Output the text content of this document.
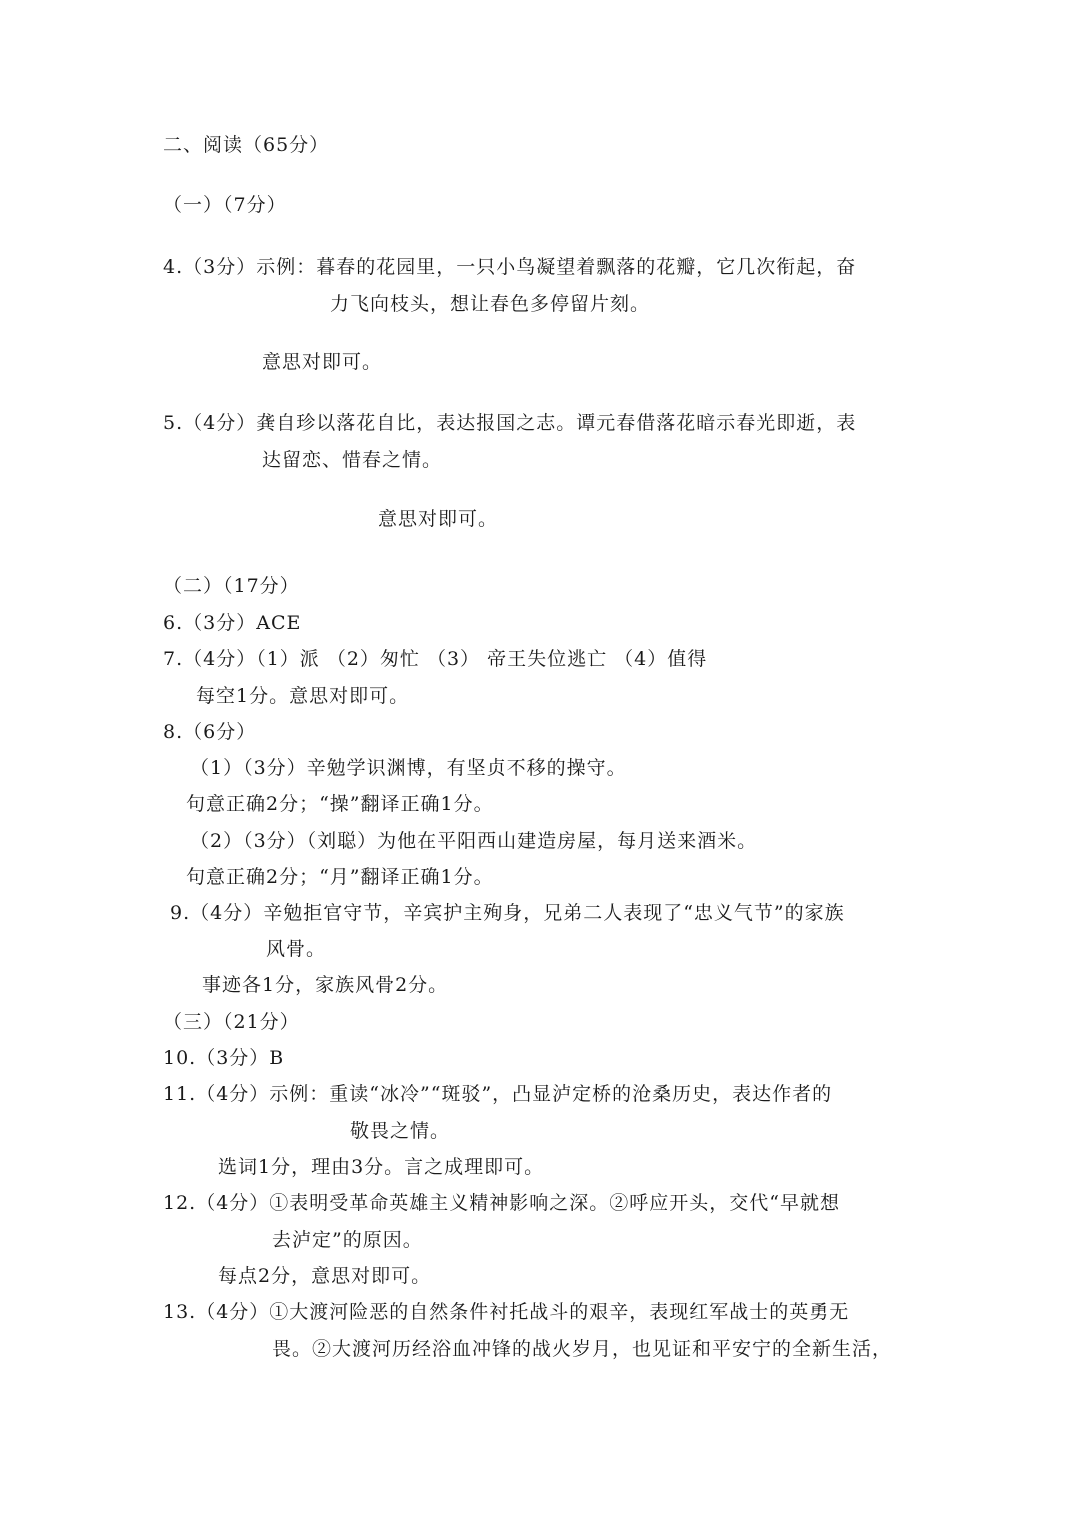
二、阅读（65分）
（一）（7分）
4.（3分）示例：暮春的花园里，一只小鸟凝望着飘落的花瓣，它几次衔起，奋
力飞向枝头，想让春色多停留片刻。
意思对即可。
5.（4分）龚自珍以落花自比，表达报国之志。谭元春借落花暗示春光即逝，表
达留恋、惜春之情。
意思对即可。
（二）（17分）
6.（3分）ACE
7.（4分）（1）派 （2）匆忙 （3） 帝王失位逃亡 （4）值得
每空1分。意思对即可。
8.（6分）
（1）（3分）辛勉学识渊博，有坚贞不移的操守。
句意正确2分；“操”翻译正确1分。
（2）（3分）（刘聪）为他在平阳西山建造房屋，每月送来酒米。
句意正确2分；“月”翻译正确1分。
9.（4分）辛勉拒官守节，辛宾护主殉身，兄弟二人表现了“忠义气节”的家族
风骨。
事迹各1分，家族风骨2分。
（三）（21分）
10.（3分）B
11.（4分）示例：重读“冰冷”“斑驳”，凸显泸定桥的沧桑历史，表达作者的
敬畏之情。
选词1分，理由3分。言之成理即可。
12.（4分）①表明受革命英雄主义精神影响之深。②呼应开头，交代“早就想
去泸定”的原因。
每点2分，意思对即可。
13.（4分）①大渡河险恶的自然条件衬托战斗的艰辛，表现红军战士的英勇无
畏。②大渡河历经浴血冲锋的战火岁月，也见证和平安宁的全新生活，
